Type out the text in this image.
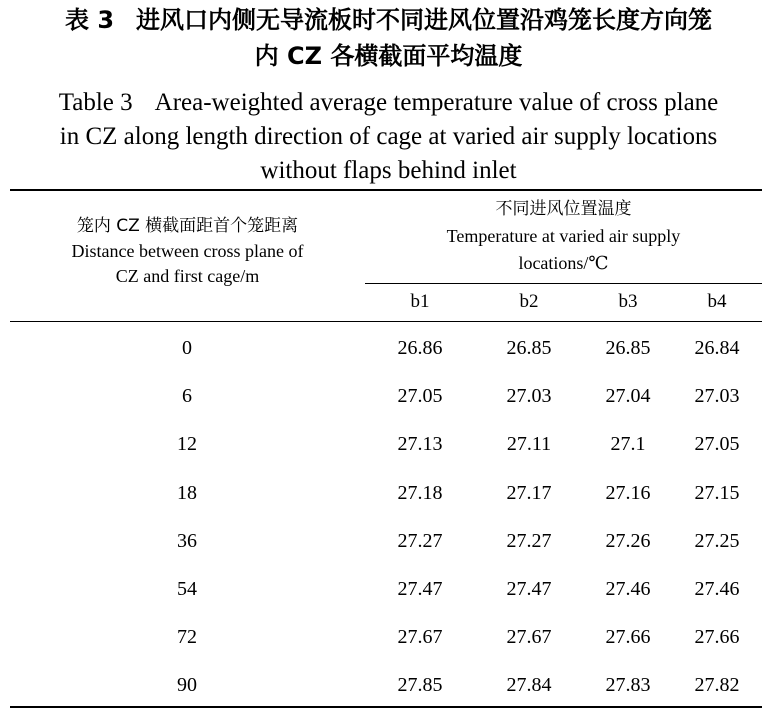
表 3 进风口内侧无导流板时不同进风位置沿鸡笼长度方向笼
内 CZ 各横截面平均温度
Table 3 Area-weighted average temperature value of cross plane
in CZ along length direction of cage at varied air supply locations
without flaps behind inlet
笼内 CZ 横截面距首个笼距离
Distance between cross plane of
CZ and first cage/m
不同进风位置温度
Temperature at varied air supply
locations/℃
b1	b2	b3	b4
0	26.86	26.85	26.85	26.84
6	27.05	27.03	27.04	27.03
12	27.13	27.11	27.1	27.05
18	27.18	27.17	27.16	27.15
36	27.27	27.27	27.26	27.25
54	27.47	27.47	27.46	27.46
72	27.67	27.67	27.66	27.66
90	27.85	27.84	27.83	27.82
